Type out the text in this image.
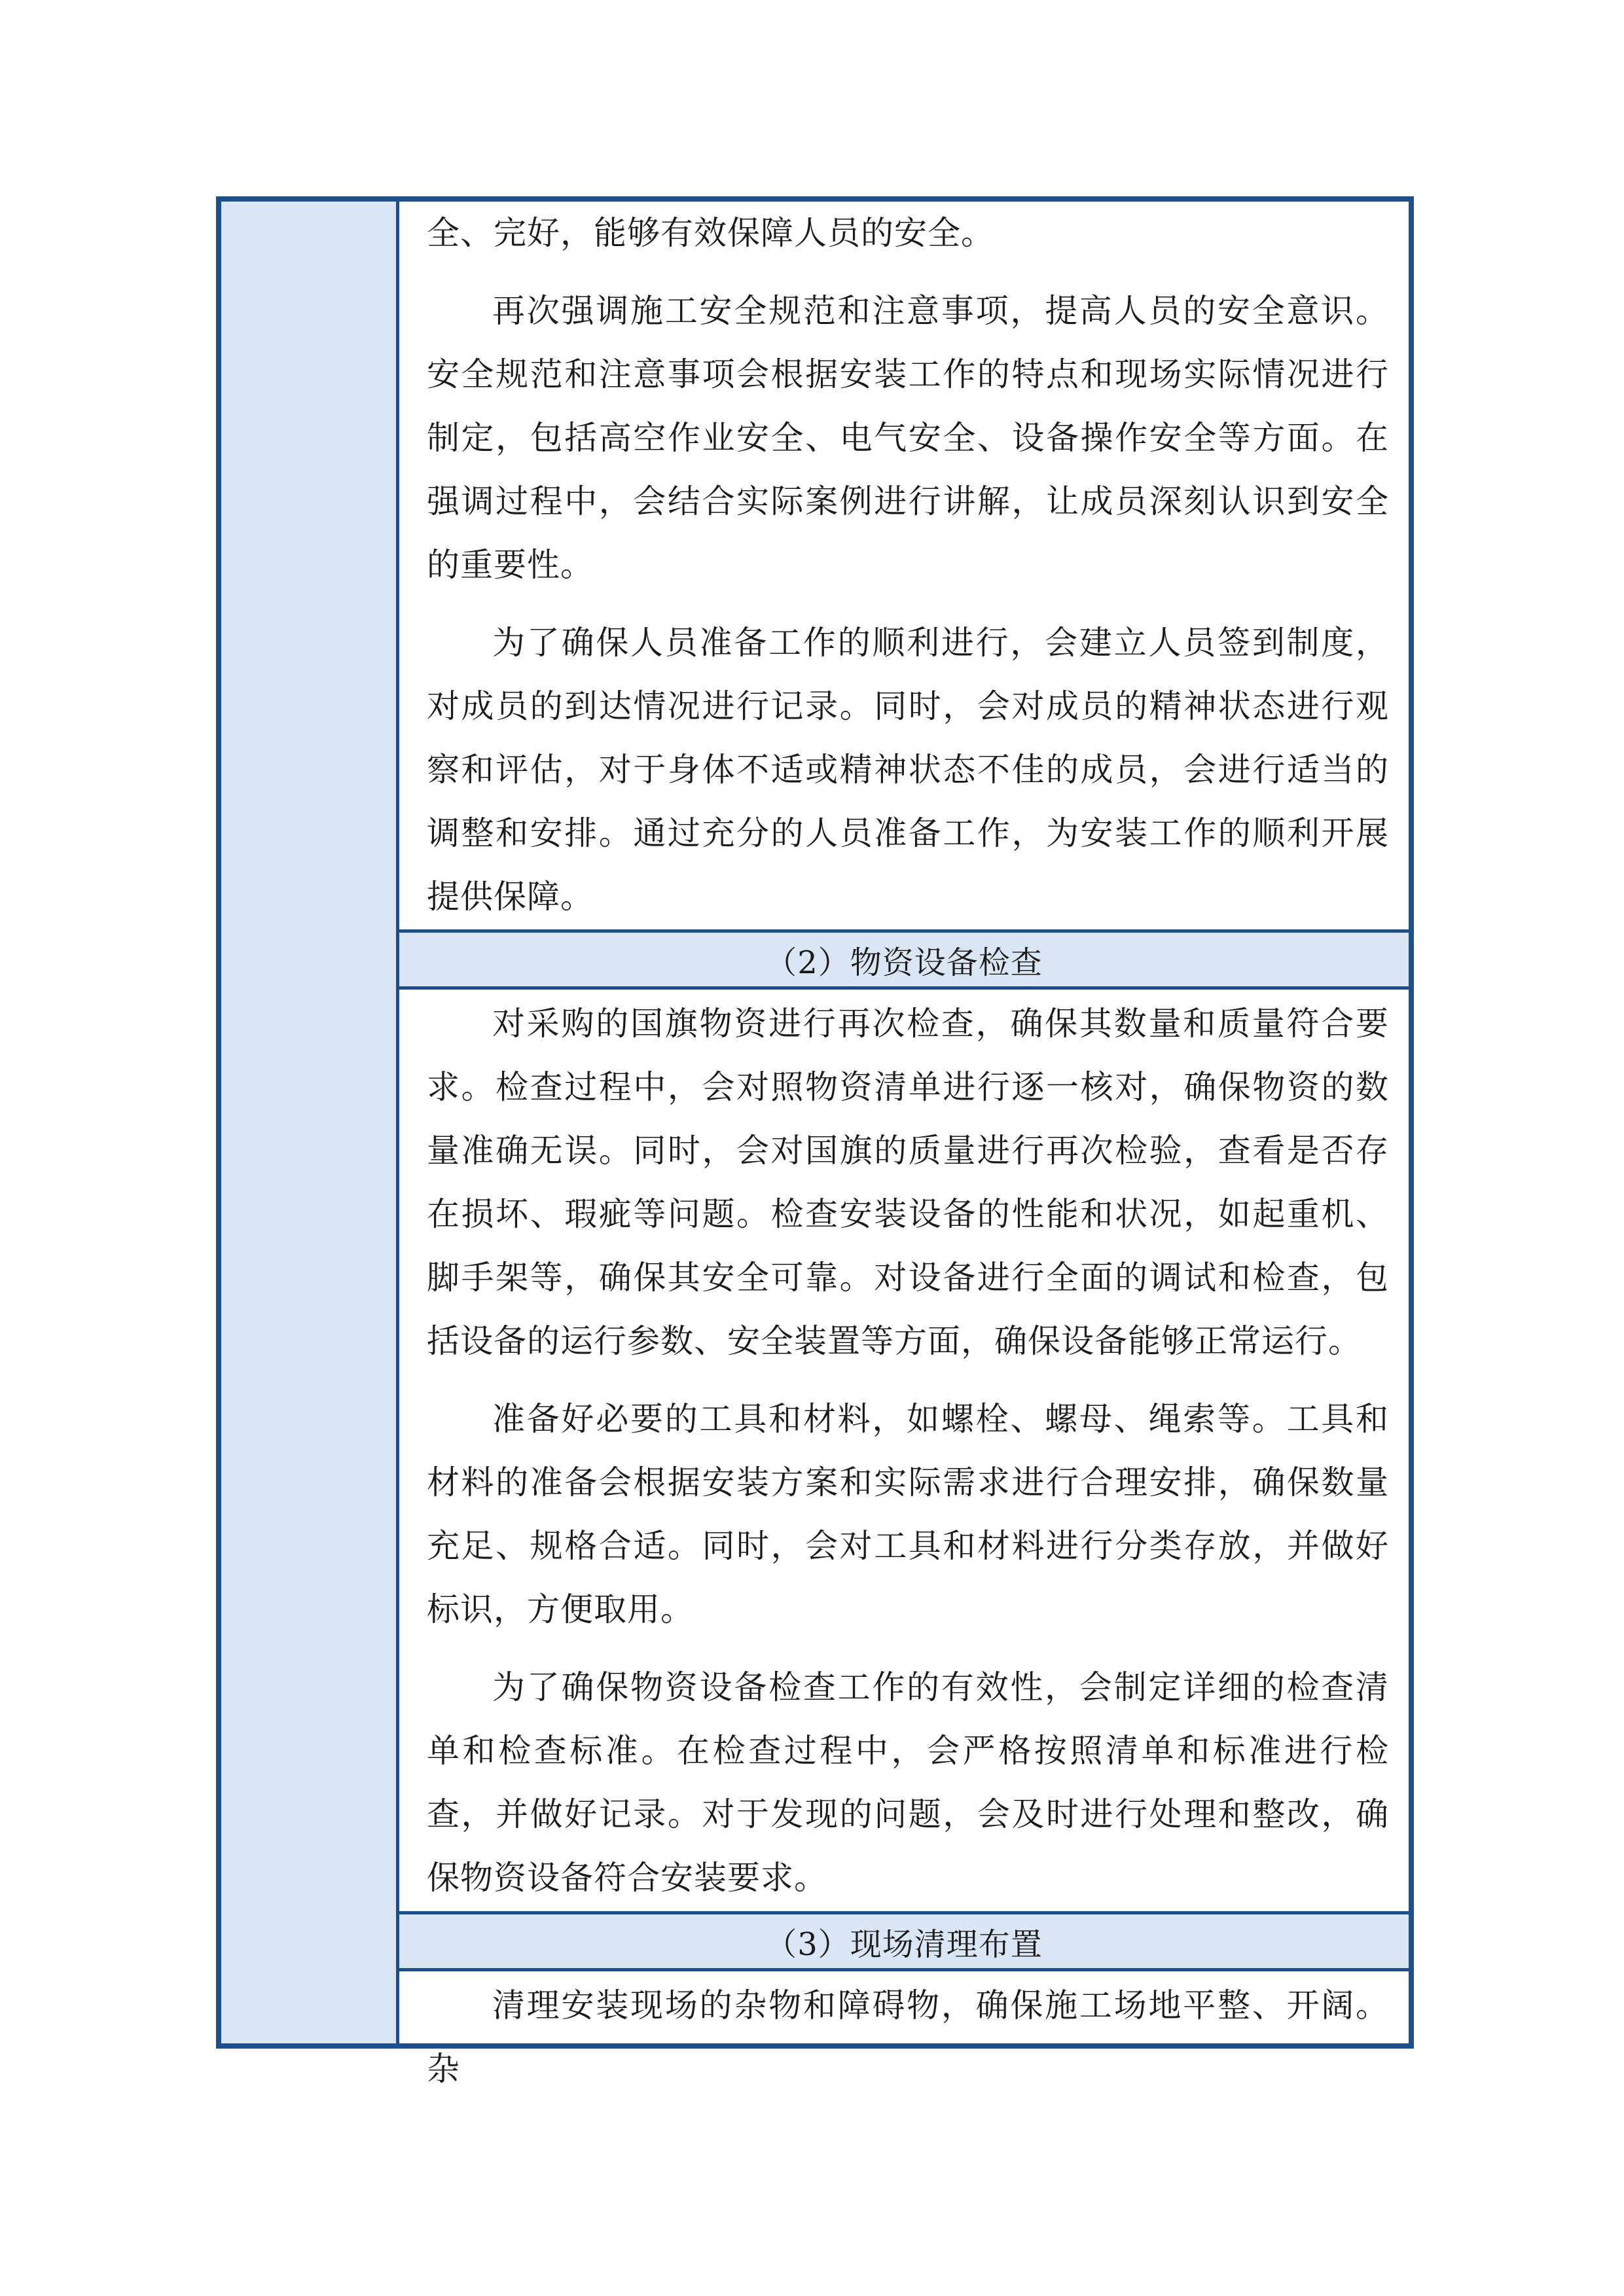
全、完好，能够有效保障人员的安全。

再次强调施工安全规范和注意事项，提高人员的安全意识。安全规范和注意事项会根据安装工作的特点和现场实际情况进行制定，包括高空作业安全、电气安全、设备操作安全等方面。在强调过程中，会结合实际案例进行讲解，让成员深刻认识到安全的重要性。

为了确保人员准备工作的顺利进行，会建立人员签到制度，对成员的到达情况进行记录。同时，会对成员的精神状态进行观察和评估，对于身体不适或精神状态不佳的成员，会进行适当的调整和安排。通过充分的人员准备工作，为安装工作的顺利开展提供保障。

（2）物资设备检查

对采购的国旗物资进行再次检查，确保其数量和质量符合要求。检查过程中，会对照物资清单进行逐一核对，确保物资的数量准确无误。同时，会对国旗的质量进行再次检验，查看是否存在损坏、瑕疵等问题。检查安装设备的性能和状况，如起重机、脚手架等，确保其安全可靠。对设备进行全面的调试和检查，包括设备的运行参数、安全装置等方面，确保设备能够正常运行。

准备好必要的工具和材料，如螺栓、螺母、绳索等。工具和材料的准备会根据安装方案和实际需求进行合理安排，确保数量充足、规格合适。同时，会对工具和材料进行分类存放，并做好标识，方便取用。

为了确保物资设备检查工作的有效性，会制定详细的检查清单和检查标准。在检查过程中，会严格按照清单和标准进行检查，并做好记录。对于发现的问题，会及时进行处理和整改，确保物资设备符合安装要求。

（3）现场清理布置

清理安装现场的杂物和障碍物，确保施工场地平整、开阔。杂
